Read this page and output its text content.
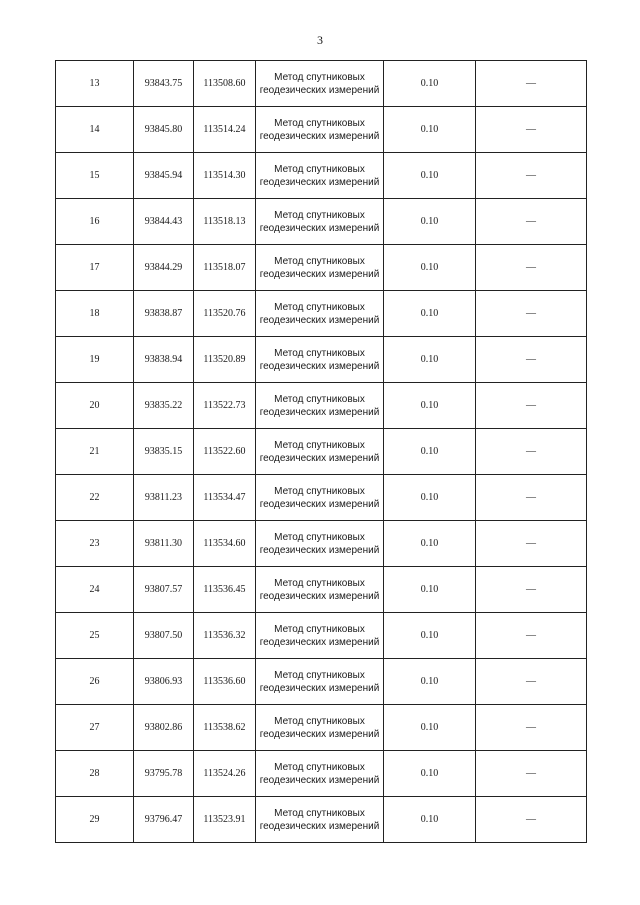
3
13	93843.75	113508.60	Метод спутниковых
геодезических измерений	0.10	—
14	93845.80	113514.24	Метод спутниковых
геодезических измерений	0.10	—
15	93845.94	113514.30	Метод спутниковых
геодезических измерений	0.10	—
16	93844.43	113518.13	Метод спутниковых
геодезических измерений	0.10	—
17	93844.29	113518.07	Метод спутниковых
геодезических измерений	0.10	—
18	93838.87	113520.76	Метод спутниковых
геодезических измерений	0.10	—
19	93838.94	113520.89	Метод спутниковых
геодезических измерений	0.10	—
20	93835.22	113522.73	Метод спутниковых
геодезических измерений	0.10	—
21	93835.15	113522.60	Метод спутниковых
геодезических измерений	0.10	—
22	93811.23	113534.47	Метод спутниковых
геодезических измерений	0.10	—
23	93811.30	113534.60	Метод спутниковых
геодезических измерений	0.10	—
24	93807.57	113536.45	Метод спутниковых
геодезических измерений	0.10	—
25	93807.50	113536.32	Метод спутниковых
геодезических измерений	0.10	—
26	93806.93	113536.60	Метод спутниковых
геодезических измерений	0.10	—
27	93802.86	113538.62	Метод спутниковых
геодезических измерений	0.10	—
28	93795.78	113524.26	Метод спутниковых
геодезических измерений	0.10	—
29	93796.47	113523.91	Метод спутниковых
геодезических измерений	0.10	—
